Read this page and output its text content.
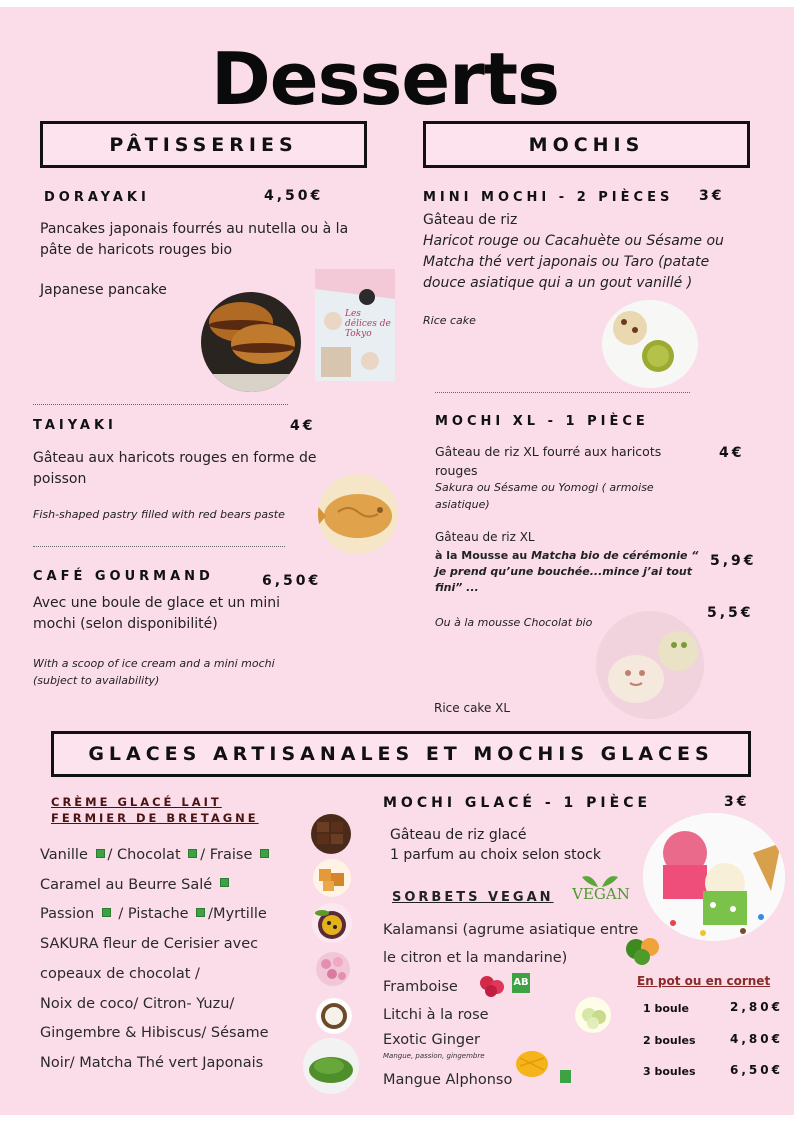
Desserts
PÂTISSERIES	MOCHIS
DORAYAKI	4,50€
Pancakes japonais fourrés au nutella ou à la pâte de haricots rouges bio
Japanese pancake
Les délices de Tokyo
TAIYAKI	4€
Gâteau aux haricots rouges en forme de poisson
Fish-shaped pastry filled with red bears paste
CAFÉ GOURMAND	6,50€
Avec une boule de glace et un mini mochi (selon disponibilité)
With a scoop of ice cream and a mini mochi (subject to availability)
MINI MOCHI - 2 PIÈCES 3€
Gâteau de riz
Haricot rouge ou Cacahuète ou Sésame ou Matcha thé vert japonais ou Taro (patate douce asiatique qui a un gout vanillé )
Rice cake
MOCHI XL - 1 PIÈCE
Gâteau de riz XL fourré aux haricots rouges
Sakura ou Sésame ou Yomogi ( armoise asiatique)
4€
Gâteau de riz XL
à la Mousse au Matcha bio de cérémonie “ je prend qu’une bouchée...mince j’ai tout fini” ...
5,9€
Ou à la mousse Chocolat bio
5,5€
Rice cake XL
GLACES ARTISANALES ET MOCHIS GLACES
CRÈME GLACÉ LAIT
FERMIER DE BRETAGNE
Vanille / Chocolat / Fraise
Caramel au Beurre Salé
Passion  / Pistache /Myrtille
SAKURA fleur de Cerisier avec
copeaux de chocolat /
Noix de coco/ Citron- Yuzu/
Gingembre & Hibiscus/ Sésame
Noir/ Matcha Thé vert Japonais
MOCHI GLACÉ - 1 PIÈCE	3€
Gâteau de riz glacé
1 parfum au choix selon stock
SORBETS VEGAN VEGAN
Kalamansi (agrume asiatique entre
le citron et la mandarine)
Framboise	AB
Litchi à la rose
Exotic Ginger
Mangue, passion, gingembre
Mangue Alphonso
En pot ou en cornet
1 boule	2,80€
2 boules	4,80€
3 boules	6,50€
